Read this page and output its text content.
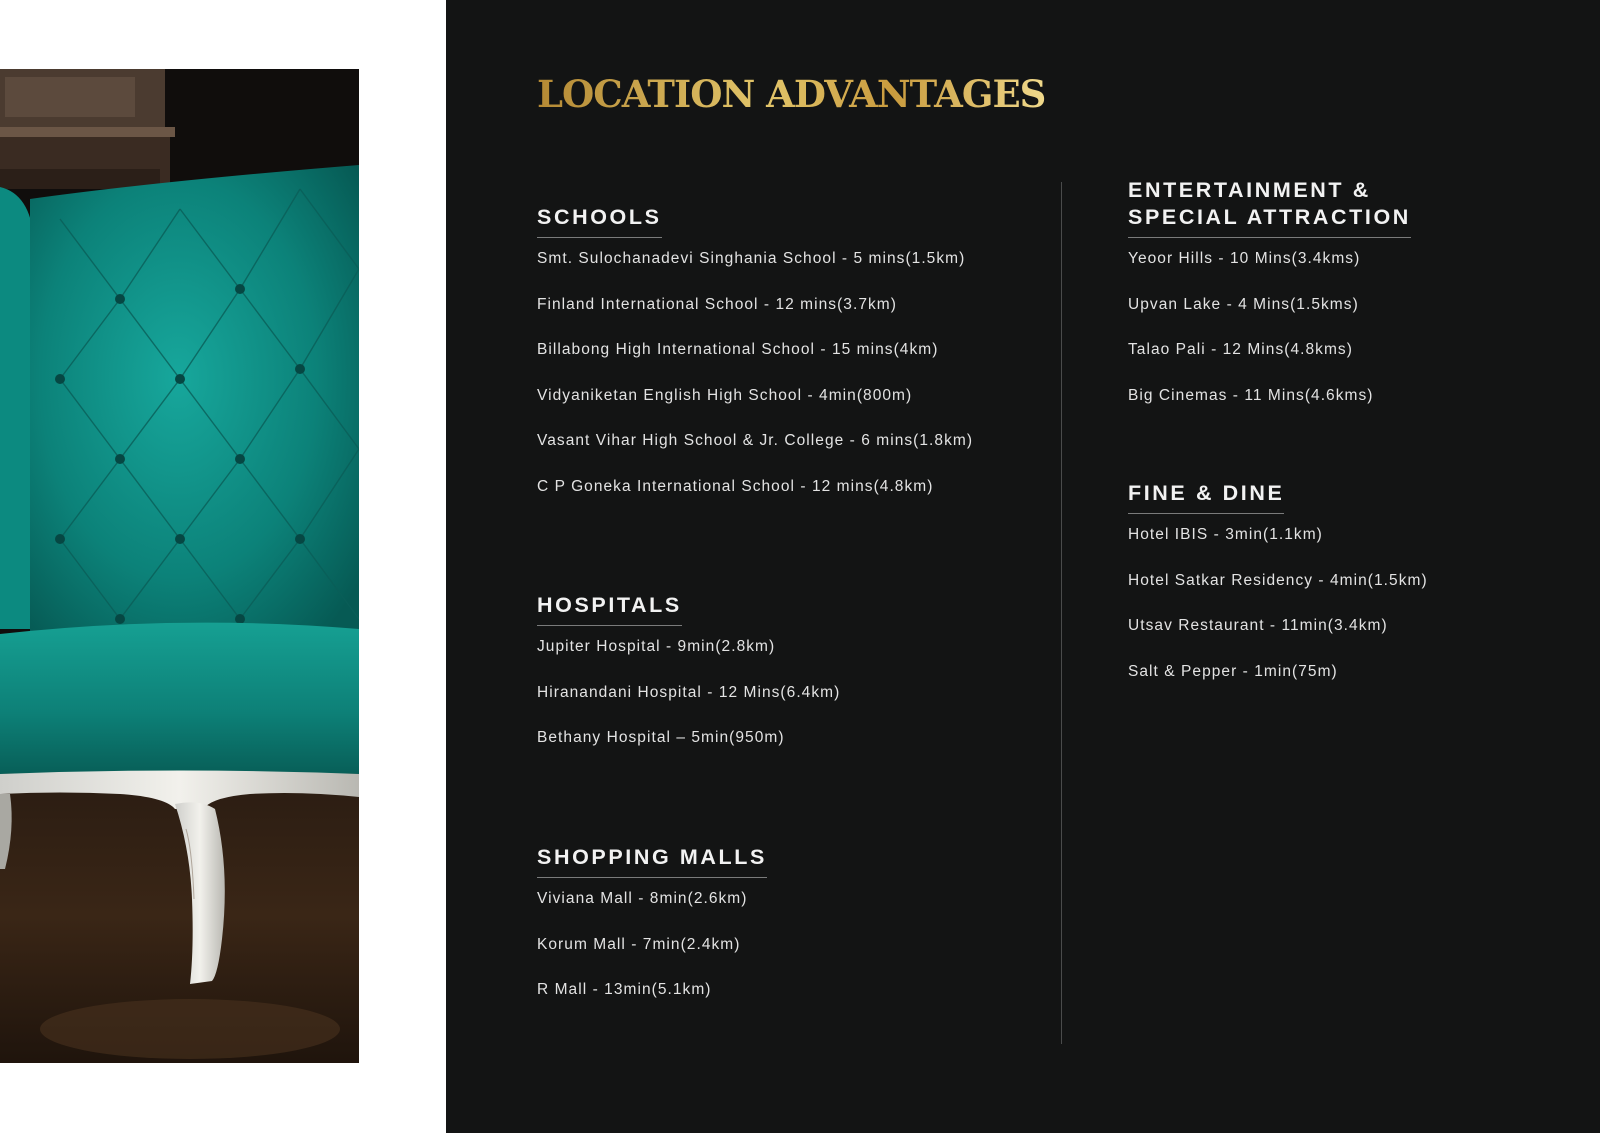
LOCATION ADVANTAGES
SCHOOLS
Smt. Sulochanadevi Singhania School - 5 mins(1.5km)
Finland International School - 12 mins(3.7km)
Billabong High International School - 15 mins(4km)
Vidyaniketan English High School - 4min(800m)
Vasant Vihar High School & Jr. College - 6 mins(1.8km)
C P Goneka International School - 12 mins(4.8km)
HOSPITALS
Jupiter Hospital - 9min(2.8km)
Hiranandani Hospital - 12 Mins(6.4km)
Bethany Hospital – 5min(950m)
SHOPPING MALLS
Viviana Mall - 8min(2.6km)
Korum Mall - 7min(2.4km)
R Mall - 13min(5.1km)
ENTERTAINMENT &
SPECIAL ATTRACTION
Yeoor Hills - 10 Mins(3.4kms)
Upvan Lake - 4 Mins(1.5kms)
Talao Pali - 12 Mins(4.8kms)
Big Cinemas - 11 Mins(4.6kms)
FINE & DINE
Hotel IBIS - 3min(1.1km)
Hotel Satkar Residency - 4min(1.5km)
Utsav Restaurant - 11min(3.4km)
Salt & Pepper - 1min(75m)
